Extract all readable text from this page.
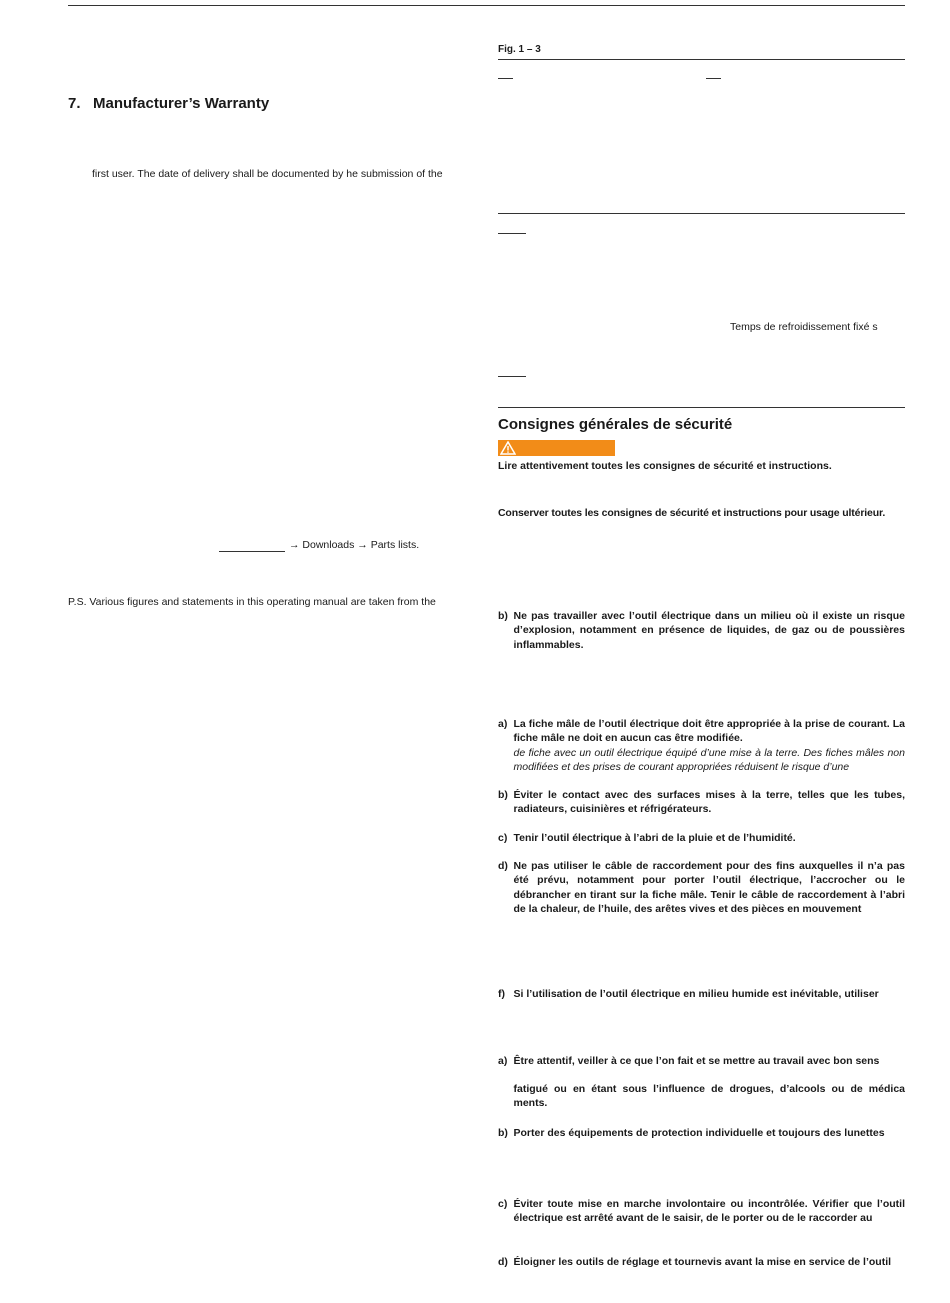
7. Manufacturer’s Warranty
first user. The date of delivery shall be documented by he submission of the
→ Downloads → Parts lists.
P.S. Various figures and statements in this operating manual are taken from the
Fig. 1 – 3
Temps de refroidissement fixé s
Consignes générales de sécurité
Lire attentivement toutes les consignes de sécurité et instructions.
Conserver toutes les consignes de sécurité et instructions pour usage ultérieur.
b) Ne pas travailler avec l’outil électrique dans un milieu où il existe un risque d’explosion, notamment en présence de liquides, de gaz ou de poussières inflammables.
a) La fiche mâle de l’outil électrique doit être appropriée à la prise de courant. La fiche mâle ne doit en aucun cas être modifiée.
de fiche avec un outil électrique équipé d’une mise à la terre. Des fiches mâles non modifiées et des prises de courant appropriées réduisent le risque d’une
b) Éviter le contact avec des surfaces mises à la terre, telles que les tubes, radiateurs, cuisinières et réfrigérateurs.
c) Tenir l’outil électrique à l’abri de la pluie et de l’humidité.
d) Ne pas utiliser le câble de raccordement pour des fins auxquelles il n’a pas été prévu, notamment pour porter l’outil électrique, l’accrocher ou le débrancher en tirant sur la fiche mâle. Tenir le câble de raccordement à l’abri de la chaleur, de l’huile, des arêtes vives et des pièces en mouvement
f) Si l’utilisation de l’outil électrique en milieu humide est inévitable, utiliser
a) Être attentif, veiller à ce que l’on fait et se mettre au travail avec bon sens
fatigué ou en étant sous l’influence de drogues, d’alcools ou de médica ments.
b) Porter des équipements de protection individuelle et toujours des lunettes
c) Éviter toute mise en marche involontaire ou incontrôlée. Vérifier que l’outil électrique est arrêté avant de le saisir, de le porter ou de le raccorder au
d) Éloigner les outils de réglage et tournevis avant la mise en service de l’outil
